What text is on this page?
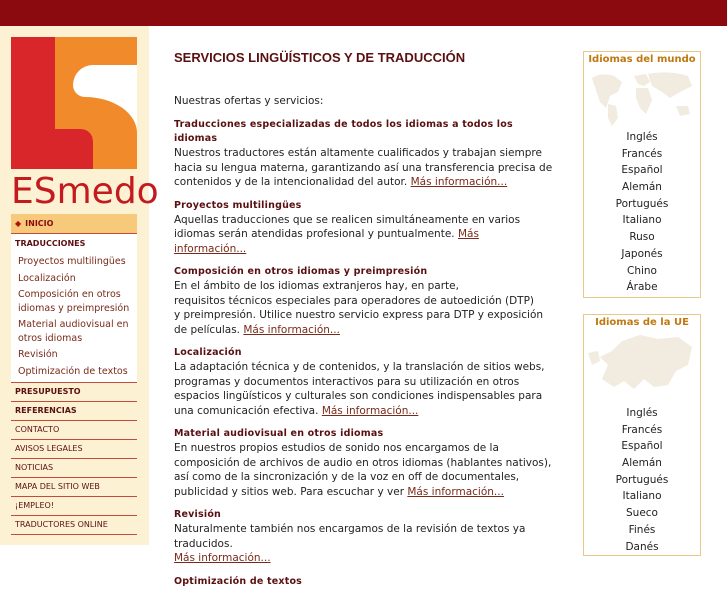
ESmedo
◆ INICIO
TRADUCCIONES
Proyectos multilingües
Localización
Composición en otros idiomas y preimpresión
Material audiovisual en otros idiomas
Revisión
Optimización de textos
PRESUPUESTO
REFERENCIAS
CONTACTO
AVISOS LEGALES
NOTICIAS
MAPA DEL SITIO WEB
¡EMPLEO!
TRADUCTORES ONLINE
SERVICIOS LINGÜÍSTICOS Y DE TRADUCCIÓN

Nuestras ofertas y servicios:

Traducciones especializadas de todos los idiomas a todos los idiomas

Nuestros traductores están altamente cualificados y trabajan siempre hacia su lengua materna, garantizando así una transferencia precisa de contenidos y de la intencionalidad del autor. Más información...

Proyectos multilingües

Aquellas traducciones que se realicen simultáneamente en varios idiomas serán atendidas profesional y puntualmente. Más información...

Composición en otros idiomas y preimpresión

En el ámbito de los idiomas extranjeros hay, en parte,
requisitos técnicos especiales para operadores de autoedición (DTP)
y preimpresión. Utilice nuestro servicio express para DTP y exposición
de películas. Más información...

Localización

La adaptación técnica y de contenidos, y la translación de sitios webs, programas y documentos interactivos para su utilización en otros espacios lingüísticos y culturales son condiciones indispensables para una comunicación efectiva. Más información...

Material audiovisual en otros idiomas

En nuestros propios estudios de sonido nos encargamos de la composición de archivos de audio en otros idiomas (hablantes nativos), así como de la sincronización y de la voz en off de documentales, publicidad y sitios web. Para escuchar y ver Más información...

Revisión

Naturalmente también nos encargamos de la revisión de textos ya traducidos.
Más información...

Optimización de textos
Idiomas del mundo
Inglés
Francés
Español
Alemán
Portugués
Italiano
Ruso
Japonés
Chino
Árabe
Idiomas de la UE
Inglés
Francés
Español
Alemán
Portugués
Italiano
Sueco
Finés
Danés
